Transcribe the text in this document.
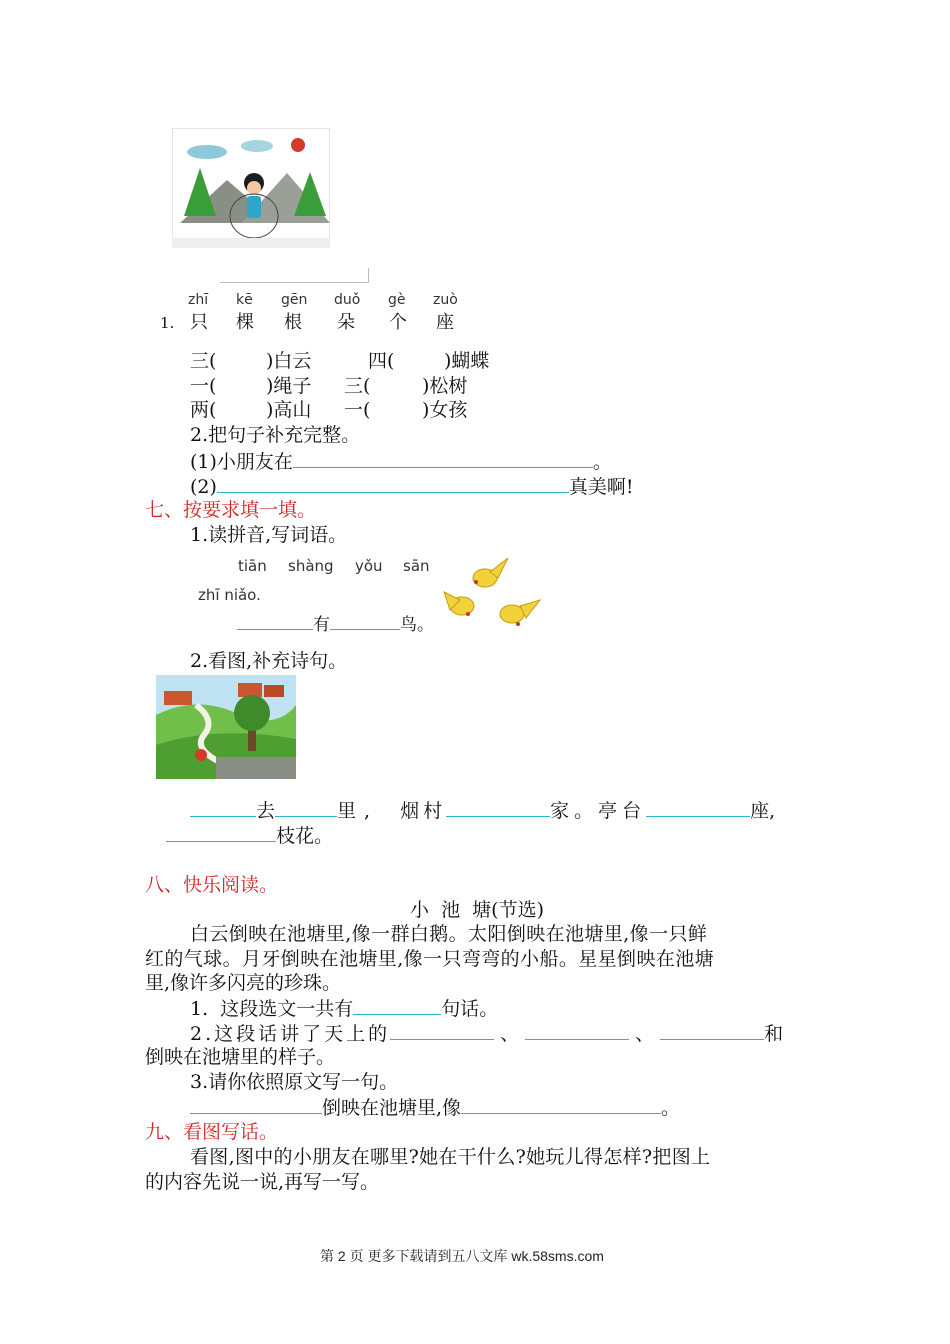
zhī kē gēn duǒ gè zuò
1. 只 棵 根 朵 个 座
三(	)白云	四(	)蝴蝶
一(	)绳子 三(	)松树
两(	)高山 一(	)女孩
2.把句子补充完整。
(1)小朋友在	。
(2)	真美啊!
七、按要求填一填。
1.读拼音,写词语。
tiān shàng yǒu sān
zhī niǎo.
有	鸟。
2.看图,补充诗句。
去	里, 烟村	家。亭台	座,
枝花。
八、快乐阅读。
小  池  塘(节选)
白云倒映在池塘里,像一群白鹅。太阳倒映在池塘里,像一只鲜
红的气球。月牙倒映在池塘里,像一只弯弯的小船。星星倒映在池塘
里,像许多闪亮的珍珠。
1.  这段选文一共有	句话。
2.这段话讲了天上的	、	、	和
倒映在池塘里的样子。
3.请你依照原文写一句。
倒映在池塘里,像	。
九、看图写话。
看图,图中的小朋友在哪里?她在干什么?她玩儿得怎样?把图上
的内容先说一说,再写一写。
第 2 页 更多下载请到五八文库 wk.58sms.com
